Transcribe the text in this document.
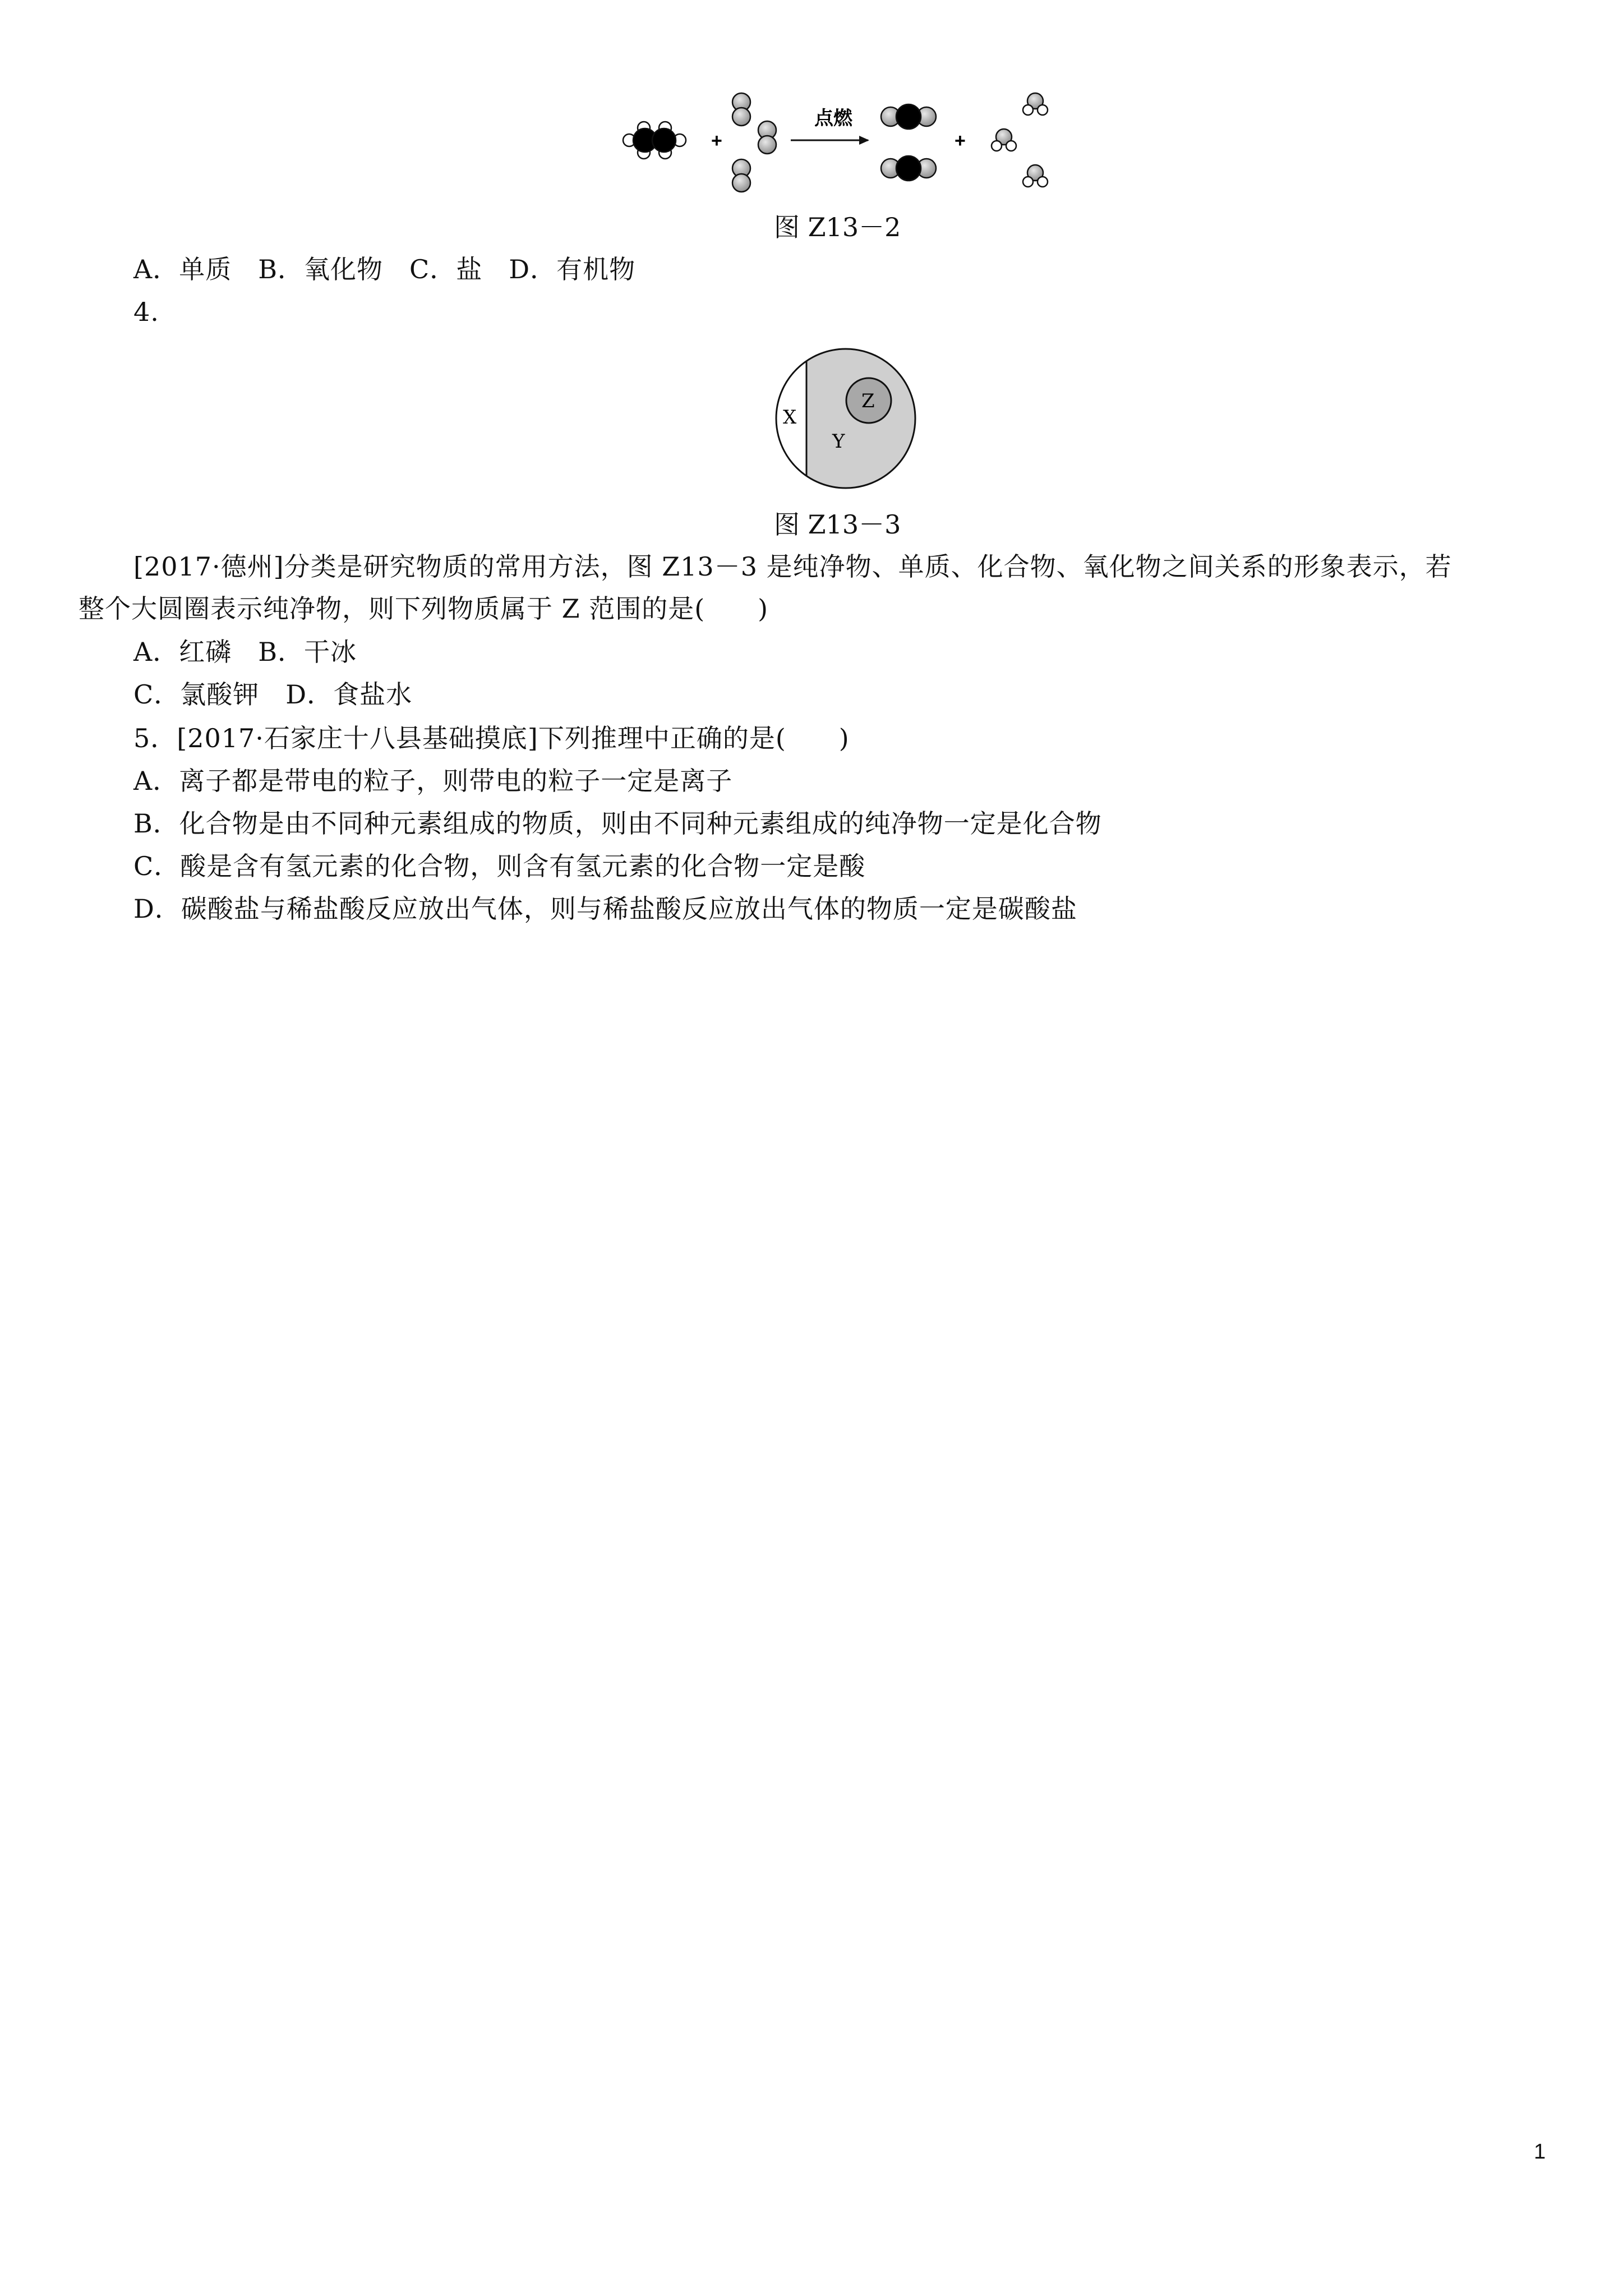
+
点燃
+
图 Z13－2
A．单质　B．氧化物　C．盐　D．有机物
4.
X
Y
Z
图 Z13－3
[2017·德州]分类是研究物质的常用方法，图 Z13－3 是纯净物、单质、化合物、氧化物之间关系的形象表示，若
整个大圆圈表示纯净物，则下列物质属于 Z 范围的是(　　)
A．红磷　B．干冰
C．氯酸钾　D．食盐水
5．[2017·石家庄十八县基础摸底]下列推理中正确的是(　　)
A．离子都是带电的粒子，则带电的粒子一定是离子
B．化合物是由不同种元素组成的物质，则由不同种元素组成的纯净物一定是化合物
C．酸是含有氢元素的化合物，则含有氢元素的化合物一定是酸
D．碳酸盐与稀盐酸反应放出气体，则与稀盐酸反应放出气体的物质一定是碳酸盐
1
